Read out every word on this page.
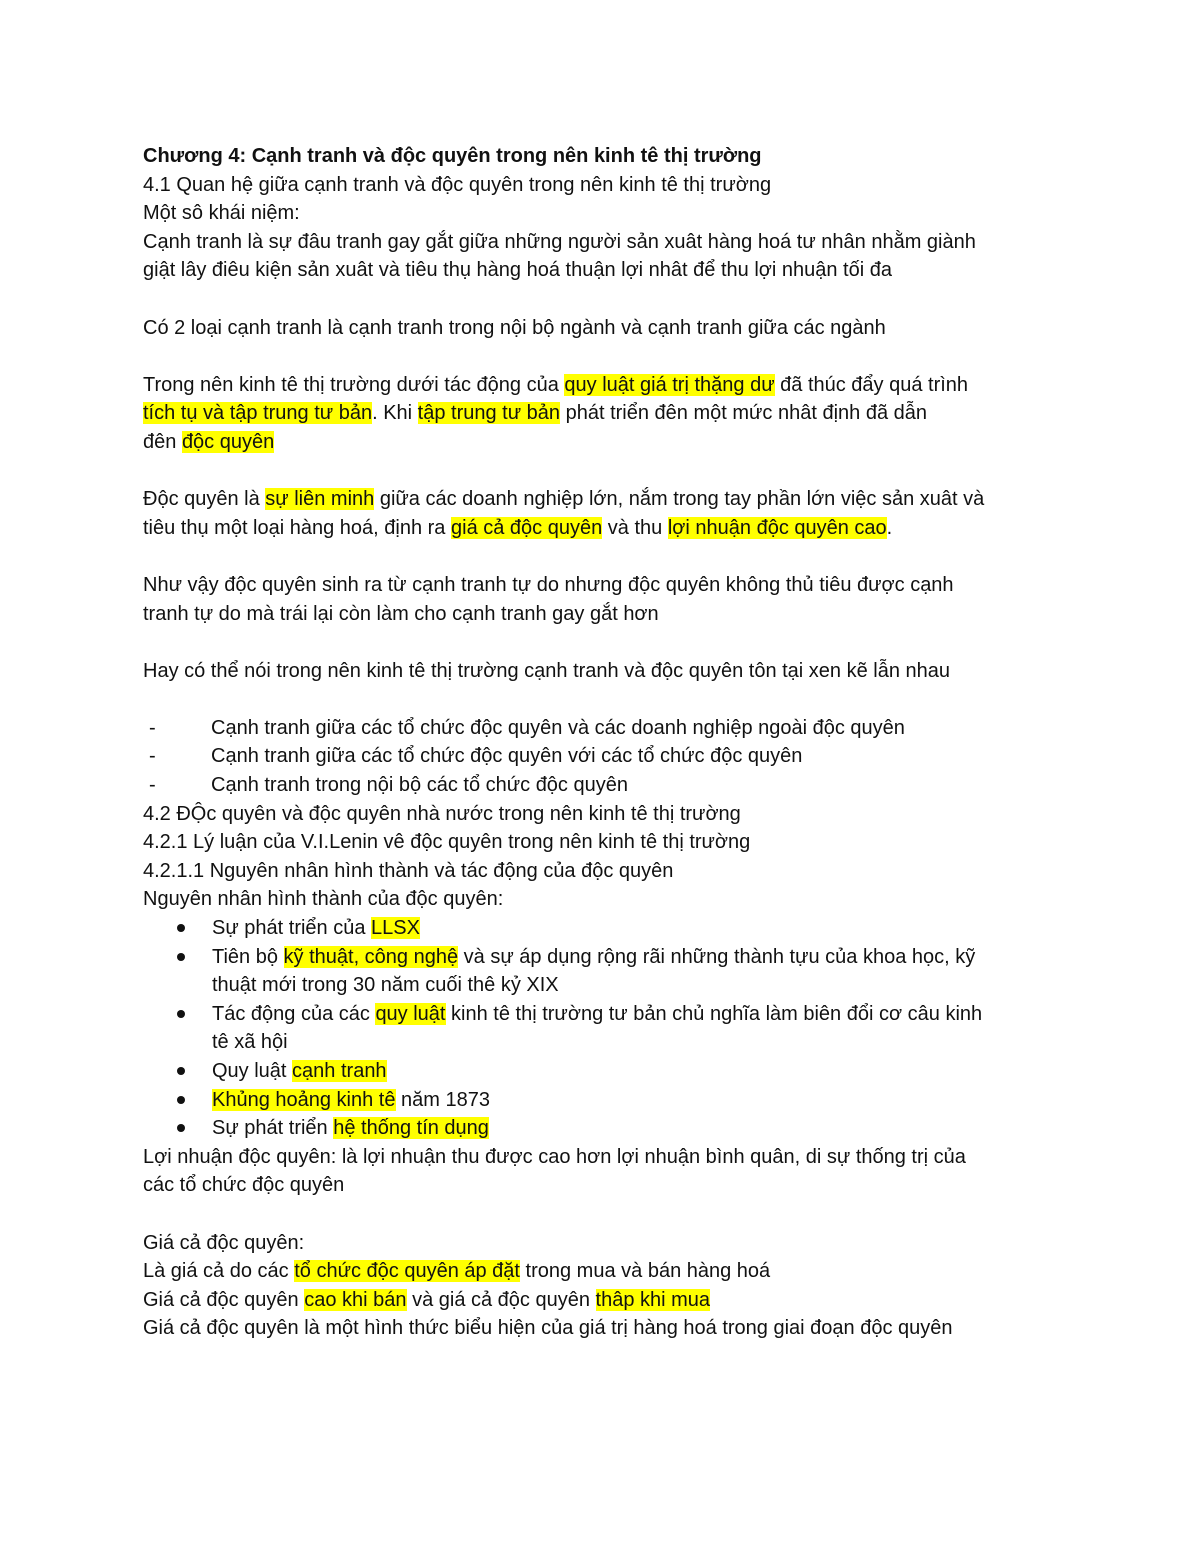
Chương 4: Cạnh tranh và độc quyên trong nên kinh tê thị trường
4.1 Quan hệ giữa cạnh tranh và độc quyên trong nên kinh tê thị trường
Một sô khái niệm:
Cạnh tranh là sự đâu tranh gay gắt giữa những người sản xuât hàng hoá tư nhân nhằm giành
giật lây điêu kiện sản xuât và tiêu thụ hàng hoá thuận lợi nhât để thu lợi nhuận tối đa
Có 2 loại cạnh tranh là cạnh tranh trong nội bộ ngành và cạnh tranh giữa các ngành
Trong nên kinh tê thị trường dưới tác động của quy luật giá trị thặng dư đã thúc đẩy quá trình
tích tụ và tập trung tư bản. Khi tập trung tư bản phát triển đên một mức nhât định đã dẫn
đên độc quyên
Độc quyên là sự liên minh giữa các doanh nghiệp lớn, nắm trong tay phần lớn việc sản xuât và
tiêu thụ một loại hàng hoá, định ra giá cả độc quyên và thu lợi nhuận độc quyên cao.
Như vậy độc quyên sinh ra từ cạnh tranh tự do nhưng độc quyên không thủ tiêu được cạnh
tranh tự do mà trái lại còn làm cho cạnh tranh gay gắt hơn
Hay có thể nói trong nên kinh tê thị trường cạnh tranh và độc quyên tôn tại xen kẽ lẫn nhau
-	Cạnh tranh giữa các tổ chức độc quyên và các doanh nghiệp ngoài độc quyên
-	Cạnh tranh giữa các tổ chức độc quyên với các tổ chức độc quyên
-	Cạnh tranh trong nội bộ các tổ chức độc quyên
4.2 ĐỘc quyên và độc quyên nhà nước trong nên kinh tê thị trường
4.2.1 Lý luận của V.I.Lenin vê độc quyên trong nên kinh tê thị trường
4.2.1.1 Nguyên nhân hình thành và tác động của độc quyên
Nguyên nhân hình thành của độc quyên:
Sự phát triển của LLSX
Tiên bộ kỹ thuật, công nghệ và sự áp dụng rộng rãi những thành tựu của khoa học, kỹ
thuật mới trong 30 năm cuối thê kỷ XIX
Tác động của các quy luật kinh tê thị trường tư bản chủ nghĩa làm biên đổi cơ câu kinh
tê xã hội
Quy luật cạnh tranh
Khủng hoảng kinh tê năm 1873
Sự phát triển hệ thống tín dụng
Lợi nhuận độc quyên: là lợi nhuận thu được cao hơn lợi nhuận bình quân, di sự thống trị của
các tổ chức độc quyên
Giá cả độc quyên:
Là giá cả do các tổ chức độc quyên áp đặt trong mua và bán hàng hoá
Giá cả độc quyên cao khi bán và giá cả độc quyên thâp khi mua
Giá cả độc quyên là một hình thức biểu hiện của giá trị hàng hoá trong giai đoạn độc quyên
